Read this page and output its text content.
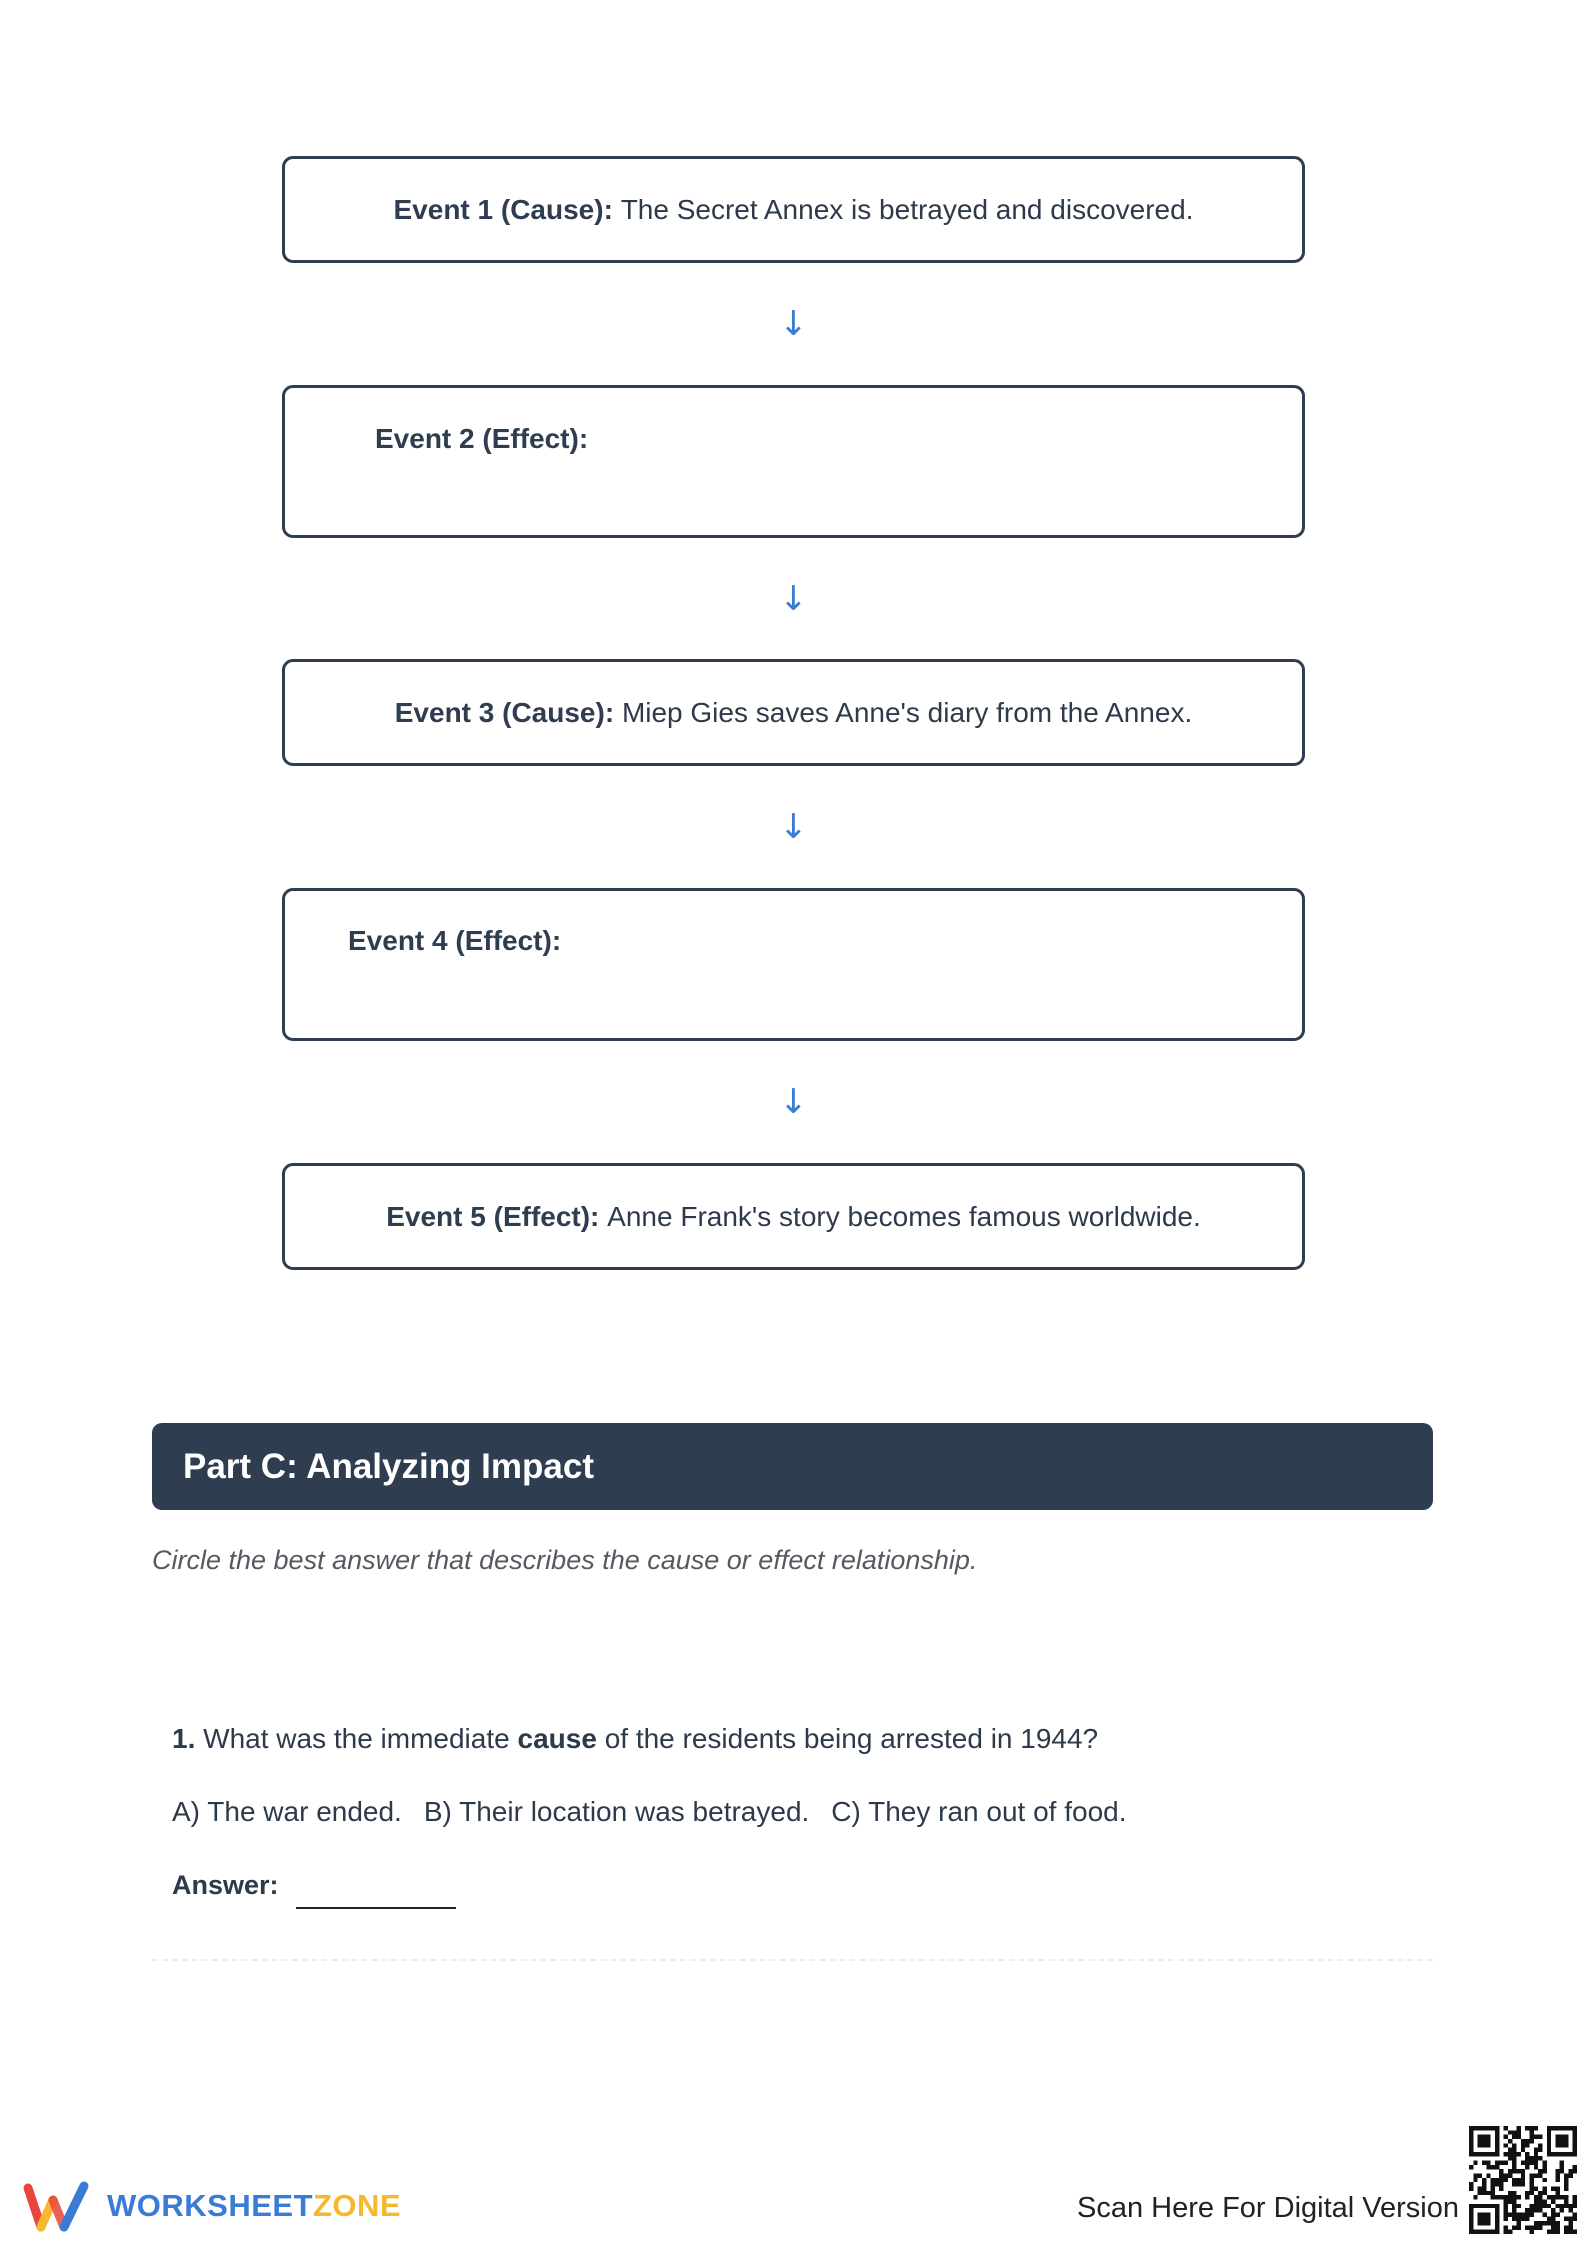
Event 1 (Cause):
The Secret Annex is betrayed and discovered.
↓
Event 2 (Effect):
↓
Event 3 (Cause):
Miep Gies saves Anne's diary from the Annex.
↓
Event 4 (Effect):
↓
Event 5 (Effect):
Anne Frank's story becomes famous worldwide.
Part C: Analyzing Impact
Circle the best answer that describes the cause or effect relationship.
1. What was the immediate cause of the residents being arrested in 1944?
A) The war ended. B) Their location was betrayed. C) They ran out of food.
Answer:
WORKSHEETZONE	Scan Here For Digital Version
